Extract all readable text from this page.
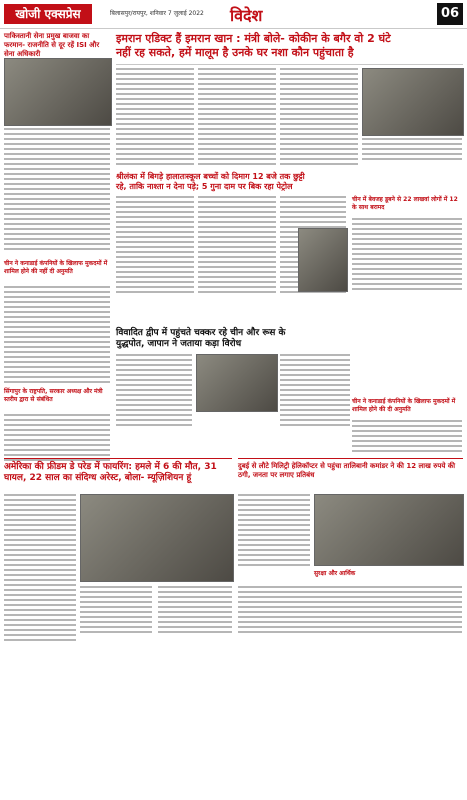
खोजी एक्सप्रेस	बिलासपुर/रायपुर, शनिवार 7 जुलाई 2022 विदेश	06
पाकिस्तानी सेना प्रमुख बाजवा का फरमान- राजनीति से दूर रहें ISI और सेना अधिकारी
चीन ने कनाडाई कंपनियों के खिलाफ मुकदमों में शामिल होने की नहीं दी अनुमति
सिंगापुर के राष्ट्रपति, सरकार अध्यक्ष और मंत्री स्तरीय द्वारा से संबंधित
इमरान एडिक्ट हैं इमरान खान : मंत्री बोले- कोकीन के बगैर वो 2 घंटे
नहीं रह सकते, हमें मालूम है उनके घर नशा कौन पहुंचाता है
श्रीलंका में बिगड़े हालातःस्कूल बच्चों को दिमाग 12 बजे तक छुट्टी
रहे, ताकि नाश्ता न देना पड़े; 5 गुना दाम पर बिक रहा पेट्रोल
चीन में बेवजह डूबने से 22 लाखवां लोगों में 12 के साथ बरामद
विवादित द्वीप में पहुंचते चक्कर रहे चीन और रूस के
युद्धपोत, जापान ने जताया कड़ा विरोध
चीन ने कनाडाई कंपनियों के खिलाफ मुकदमों में शामिल होने की दी अनुमति
अमेरिका की फ्रीडम डे परेड में फायरिंग: हमले में 6 की मौत, 31
घायल, 22 साल का संदिग्ध अरेस्ट, बोला- म्यूज़िशियन हूं
दुबई से लौटे मिलिट्री हेलिकॉप्टर से पहुंचा तालिबानी कमांडर ने की 12 लाख रुपये की ठगी, जनता पर लगाए प्रतिबंध
सुरक्षा और आर्थिक
